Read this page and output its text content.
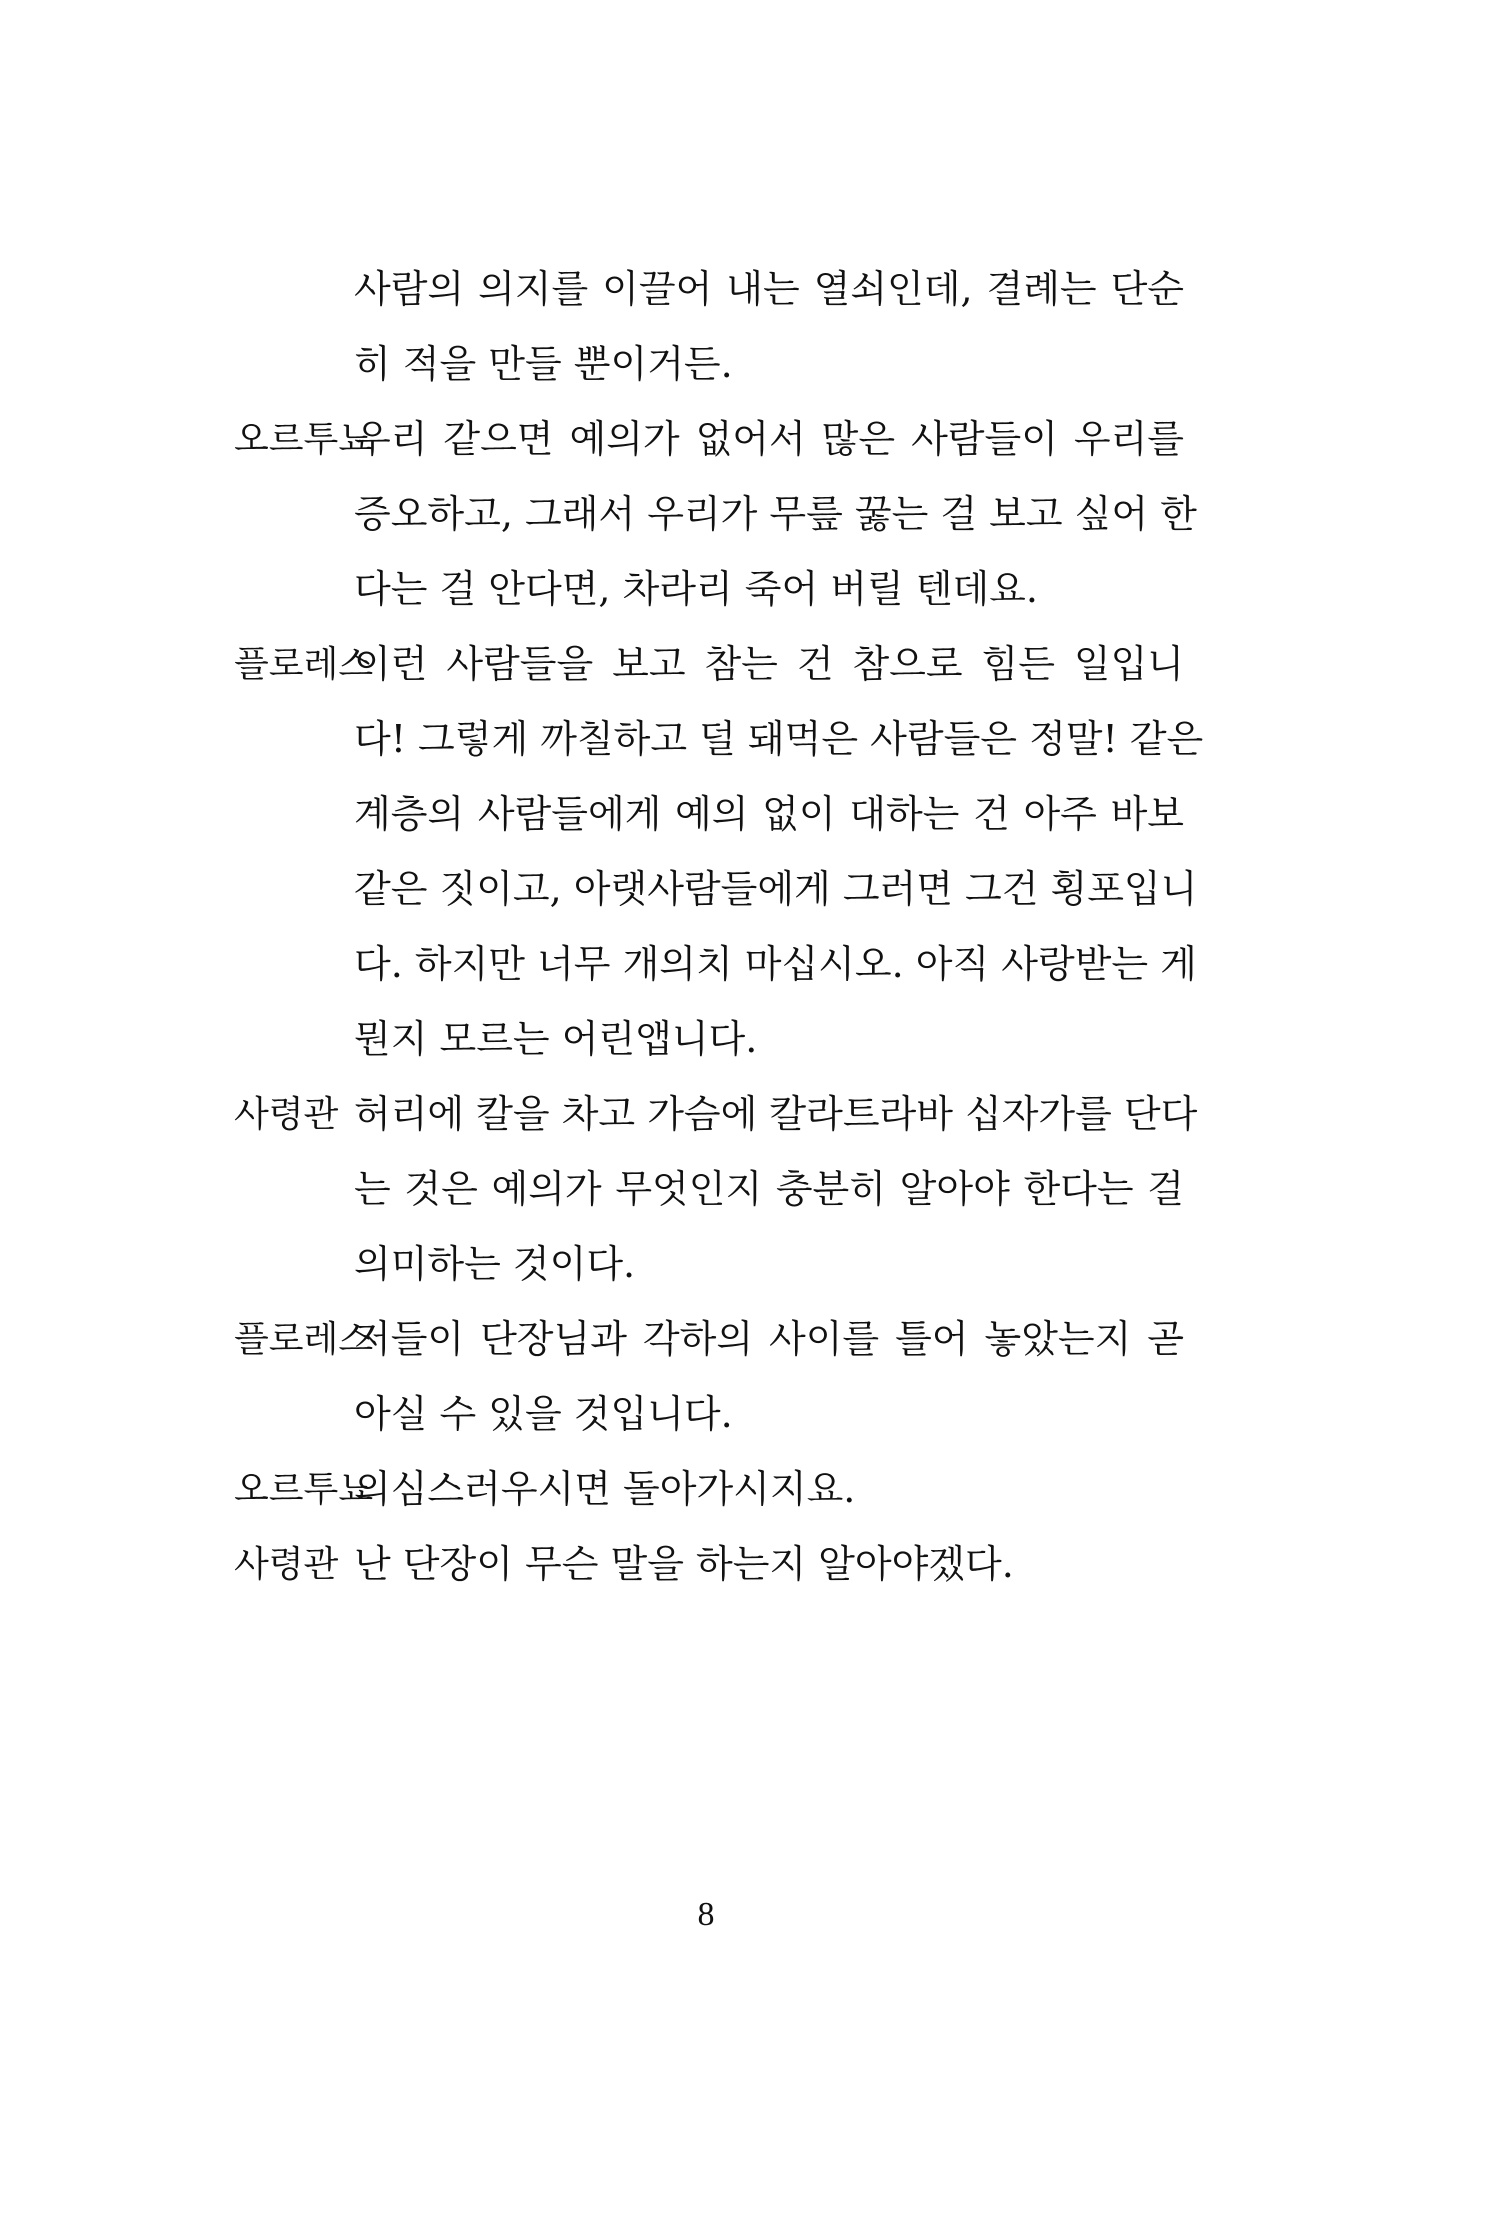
사람의 의지를 이끌어 내는 열쇠인데, 결례는 단순
히 적을 만들 뿐이거든.
오르투뇨
우리 같으면 예의가 없어서 많은 사람들이 우리를
증오하고, 그래서 우리가 무릎 꿇는 걸 보고 싶어 한
다는 걸 안다면, 차라리 죽어 버릴 텐데요.
플로레스
이런 사람들을 보고 참는 건 참으로 힘든 일입니
다! 그렇게 까칠하고 덜 돼먹은 사람들은 정말! 같은
계층의 사람들에게 예의 없이 대하는 건 아주 바보
같은 짓이고, 아랫사람들에게 그러면 그건 횡포입니
다. 하지만 너무 개의치 마십시오. 아직 사랑받는 게
뭔지 모르는 어린앱니다.
사령관 허리에 칼을 차고 가슴에 칼라트라바 십자가를 단다
는 것은 예의가 무엇인지 충분히 알아야 한다는 걸
의미하는 것이다.
플로레스
저들이 단장님과 각하의 사이를 틀어 놓았는지 곧
아실 수 있을 것입니다.
오르투뇨
의심스러우시면 돌아가시지요.
사령관 난 단장이 무슨 말을 하는지 알아야겠다.
8
